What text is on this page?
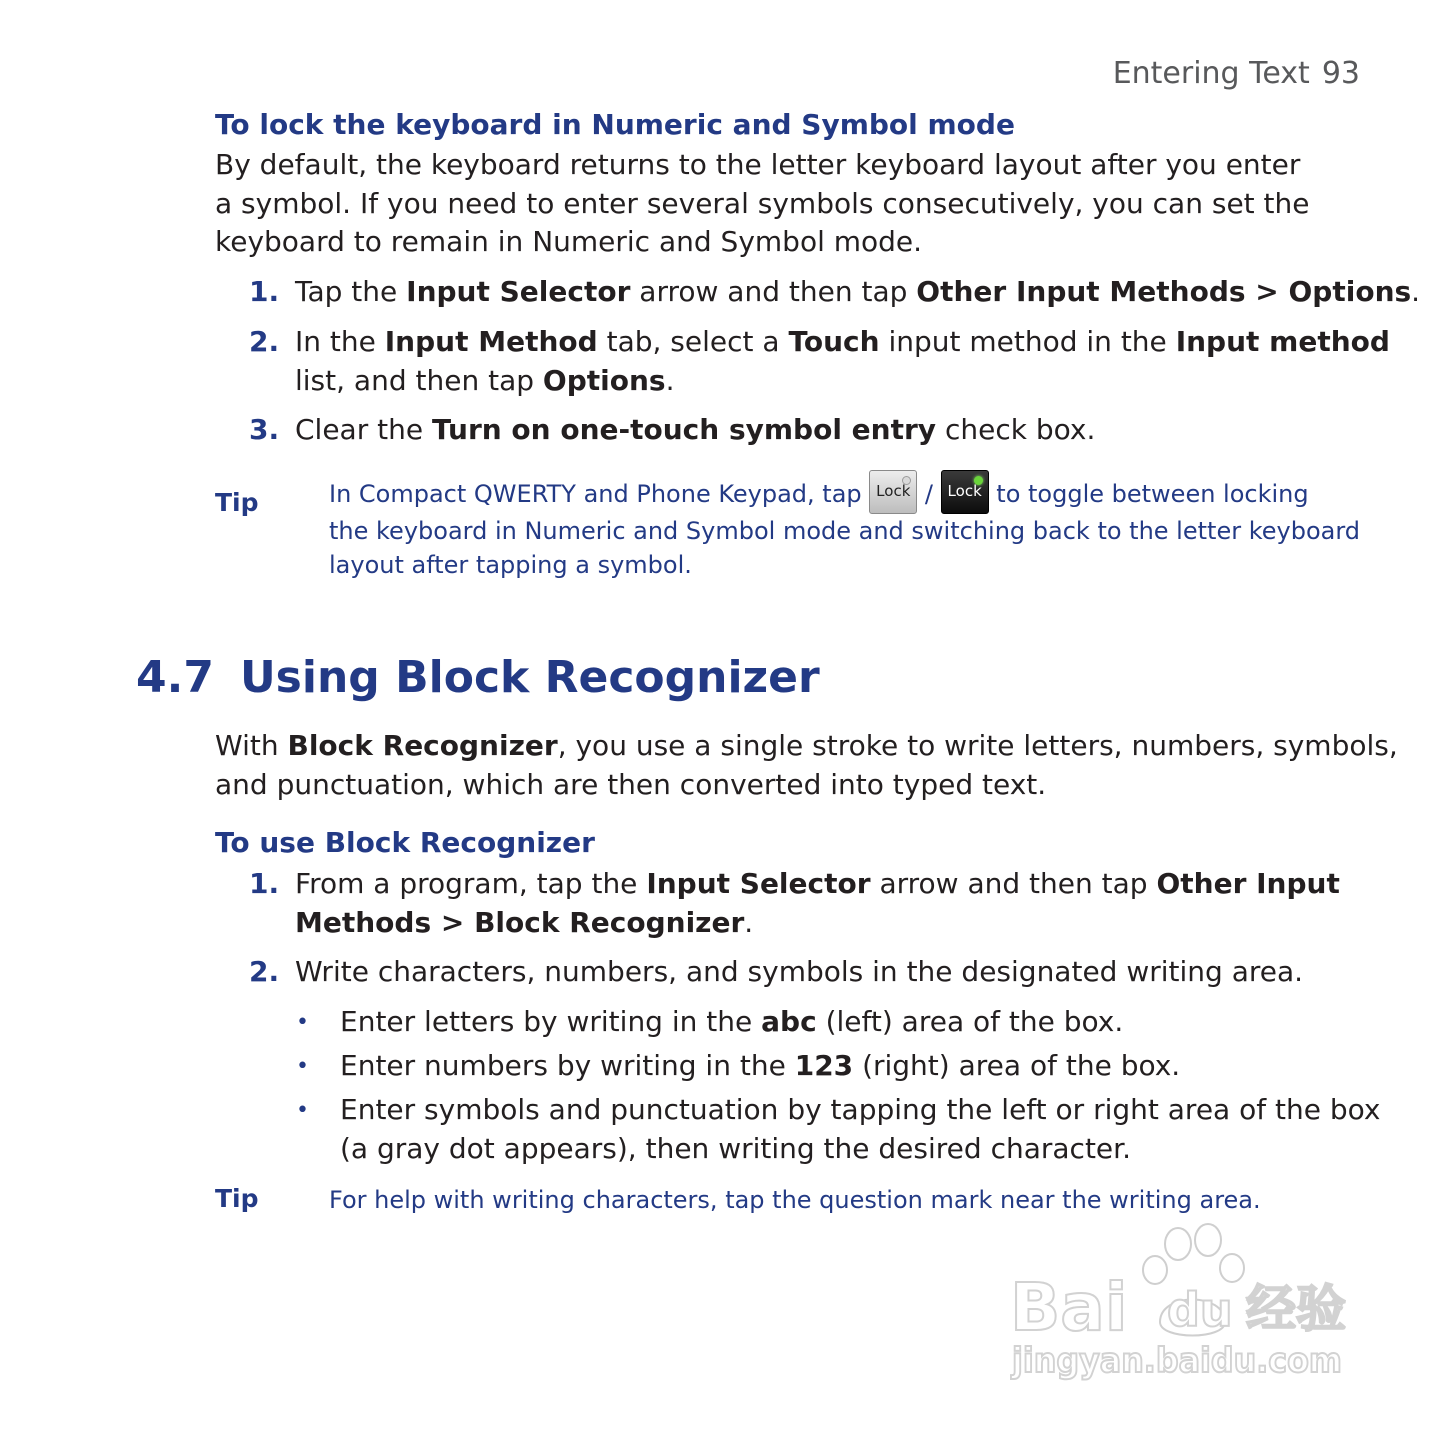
Entering Text 93
To lock the keyboard in Numeric and Symbol mode
By default, the keyboard returns to the letter keyboard layout after you enter
a symbol. If you need to enter several symbols consecutively, you can set the
keyboard to remain in Numeric and Symbol mode.
1. Tap the Input Selector arrow and then tap Other Input Methods > Options.
2. In the Input Method tab, select a Touch input method in the Input method
list, and then tap Options.
3. Clear the Turn on one-touch symbol entry check box.
Tip	In Compact QWERTY and Phone Keypad, tap Lock / Lock to toggle between locking
the keyboard in Numeric and Symbol mode and switching back to the letter keyboard
layout after tapping a symbol.
4.7 Using Block Recognizer
With Block Recognizer, you use a single stroke to write letters, numbers, symbols,
and punctuation, which are then converted into typed text.
To use Block Recognizer
1. From a program, tap the Input Selector arrow and then tap Other Input
Methods > Block Recognizer.
2. Write characters, numbers, and symbols in the designated writing area.
• Enter letters by writing in the abc (left) area of the box.
• Enter numbers by writing in the 123 (right) area of the box.
• Enter symbols and punctuation by tapping the left or right area of the box
(a gray dot appears), then writing the desired character.
Tip	For help with writing characters, tap the question mark near the writing area.
Bai du 经验
jingyan.baidu.com
